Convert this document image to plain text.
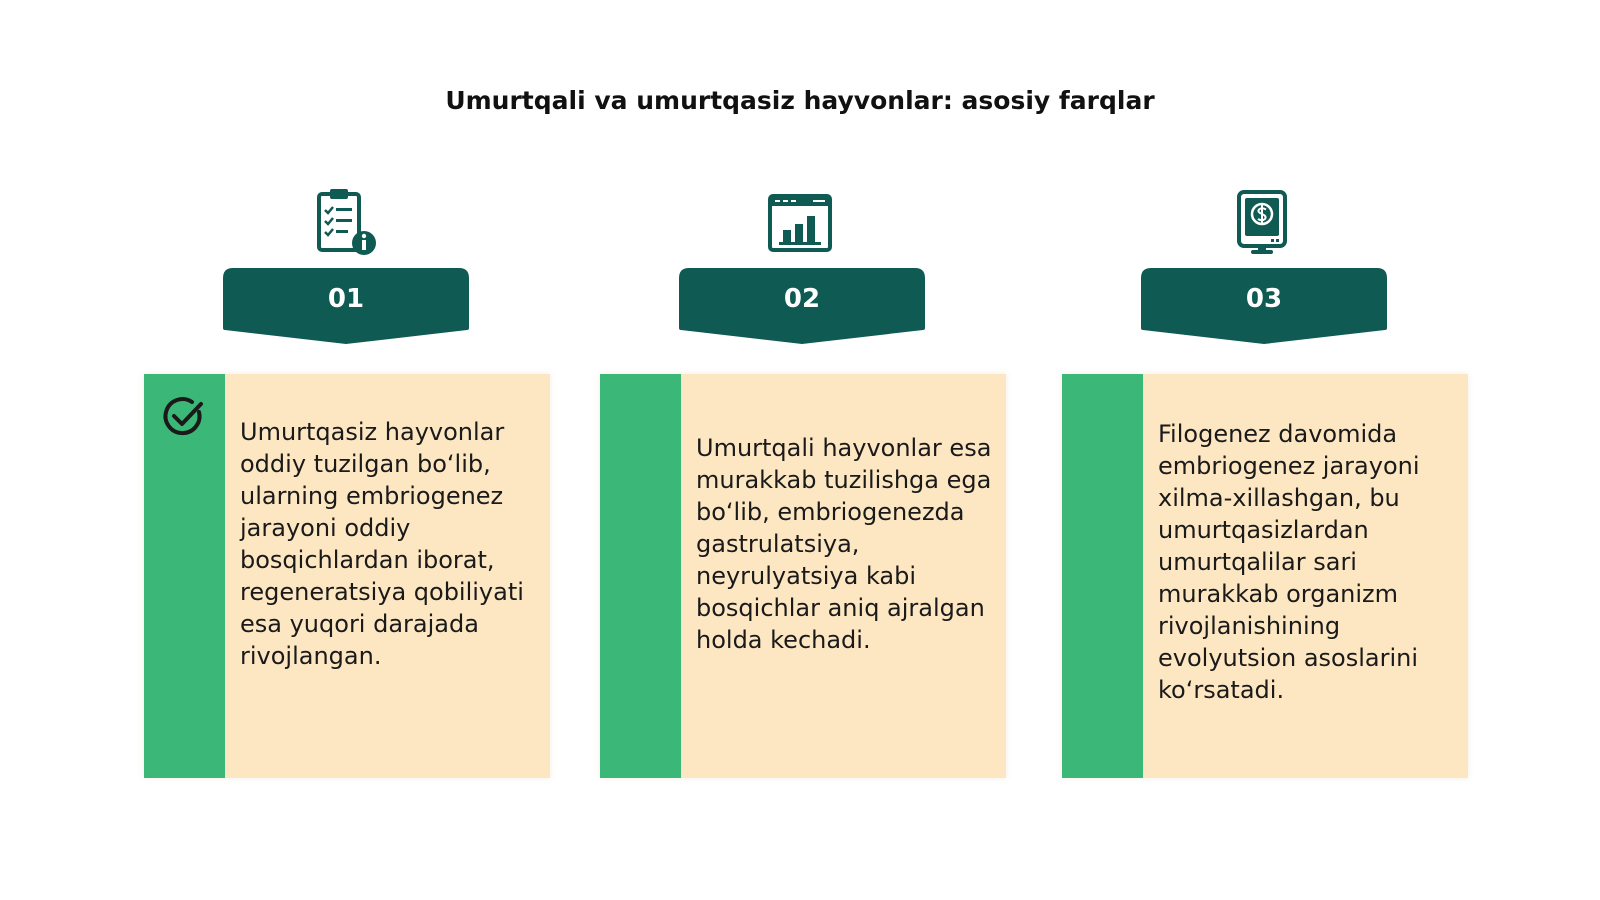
Umurtqali va umurtqasiz hayvonlar: asosiy farqlar
01

Umurtqasiz hayvonlar oddiy tuzilgan bo‘lib, ularning embriogenez jarayoni oddiy bosqichlardan iborat, regeneratsiya qobiliyati esa yuqori darajada rivojlangan.

02

Umurtqali hayvonlar esa murakkab tuzilishga ega bo‘lib, embriogenezda gastrulatsiya, neyrulyatsiya kabi bosqichlar aniq ajralgan holda kechadi.

03

Filogenez davomida embriogenez jarayoni xilma-xillashgan, bu umurtqasizlardan umurtqalilar sari murakkab organizm rivojlanishining evolyutsion asoslarini ko‘rsatadi.
